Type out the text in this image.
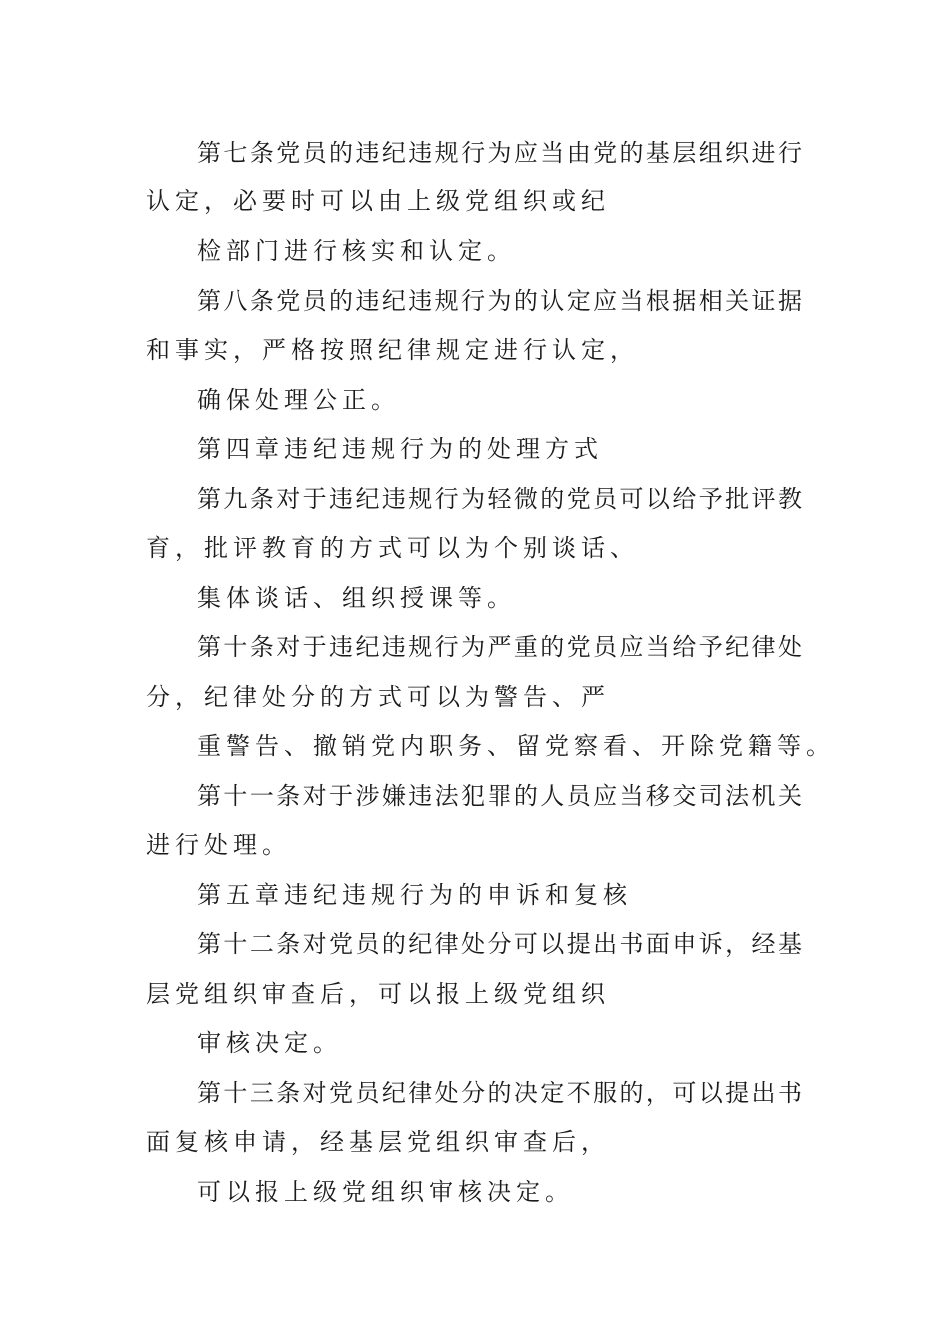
第 七 条 党 员 的 违 纪 违 规 行 为 应 当 由 党 的 基 层 组 织 进 行
认定，必要时可以由上级党组织或纪
检部门进行核实和认定。
第 八 条 党 员 的 违 纪 违 规 行 为 的 认 定 应 当 根 据 相 关 证 据
和事实，严格按照纪律规定进行认定，
确保处理公正。
第四章违纪违规行为的处理方式
第 九 条 对 于 违 纪 违 规 行 为 轻 微 的 党 员 可 以 给 予 批 评 教
育，批评教育的方式可以为个别谈话、
集体谈话、组织授课等。
第 十 条 对 于 违 纪 违 规 行 为 严 重 的 党 员 应 当 给 予 纪 律 处
分，纪律处分的方式可以为警告、严
重警告、撤销党内职务、留党察看、开除党籍等。
第 十 一 条 对 于 涉 嫌 违 法 犯 罪 的 人 员 应 当 移 交 司 法 机 关
进行处理。
第五章违纪违规行为的申诉和复核
第 十 二 条 对 党 员 的 纪 律 处 分 可 以 提 出 书 面 申 诉 ， 经 基
层党组织审查后，可以报上级党组织
审核决定。
第 十 三 条 对 党 员 纪 律 处 分 的 决 定 不 服 的 ， 可 以 提 出 书
面复核申请，经基层党组织审查后，
可以报上级党组织审核决定。
